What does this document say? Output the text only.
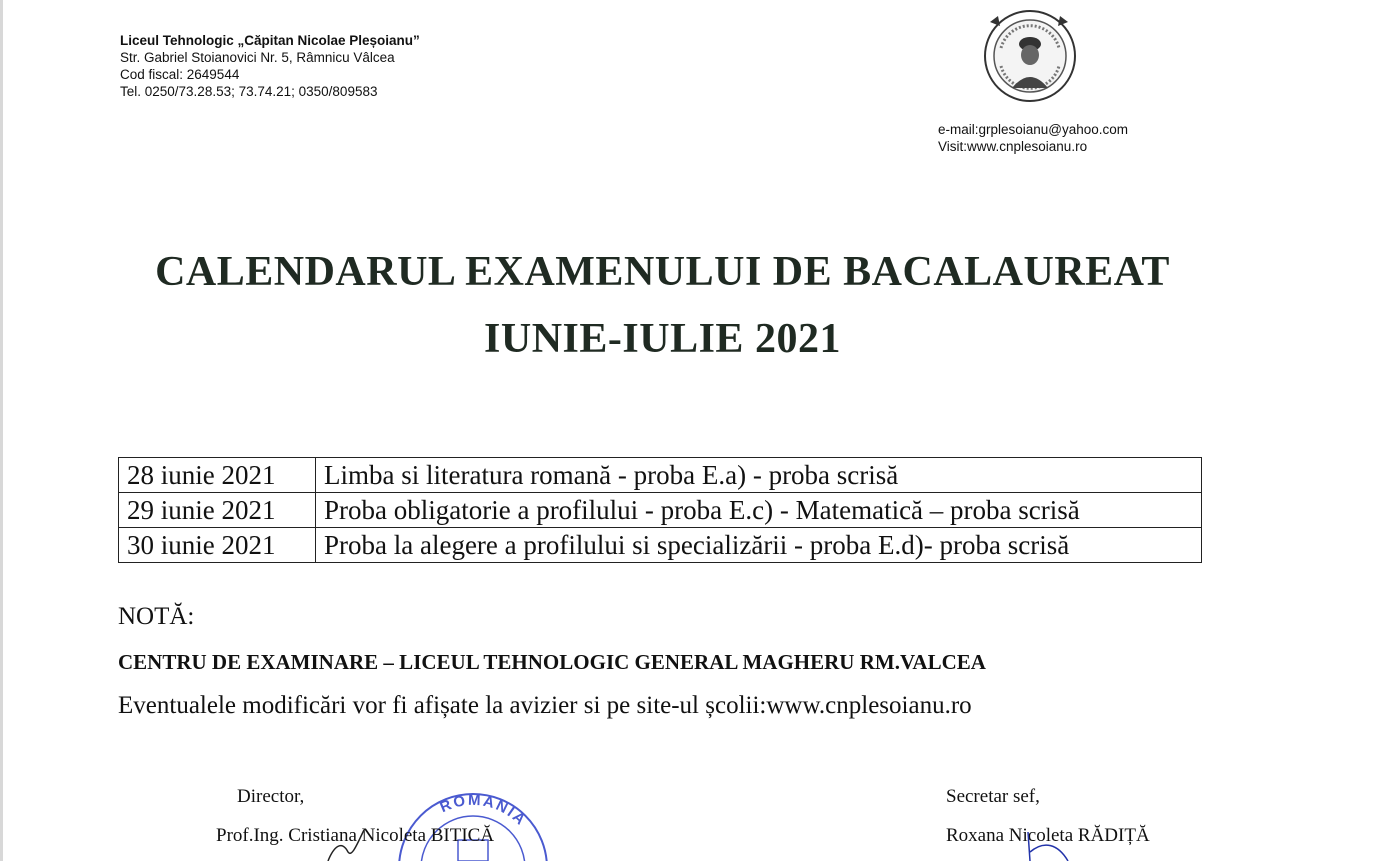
Liceul Tehnologic „Căpitan Nicolae Pleșoianu”
Str. Gabriel Stoianovici Nr. 5, Râmnicu Vâlcea
Cod fiscal: 2649544
Tel. 0250/73.28.53; 73.74.21; 0350/809583
e-mail:grplesoianu@yahoo.com
Visit:www.cnplesoianu.ro
CALENDARUL EXAMENULUI DE BACALAUREAT
IUNIE-IULIE 2021
28 iunie 2021	Limba si literatura romană - proba E.a) - proba scrisă
29 iunie 2021	Proba obligatorie a profilului - proba E.c) - Matematică – proba scrisă
30 iunie 2021	Proba la alegere a profilului si specializării - proba E.d)- proba scrisă
NOTĂ:
CENTRU DE EXAMINARE – LICEUL TEHNOLOGIC GENERAL MAGHERU RM.VALCEA
Eventualele modificări vor fi afișate la avizier si pe site-ul școlii:www.cnplesoianu.ro
ROMANIA
Director,
Prof.Ing. Cristiana Nicoleta BITICĂ
Secretar sef,
Roxana Nicoleta RĂDIȚĂ
